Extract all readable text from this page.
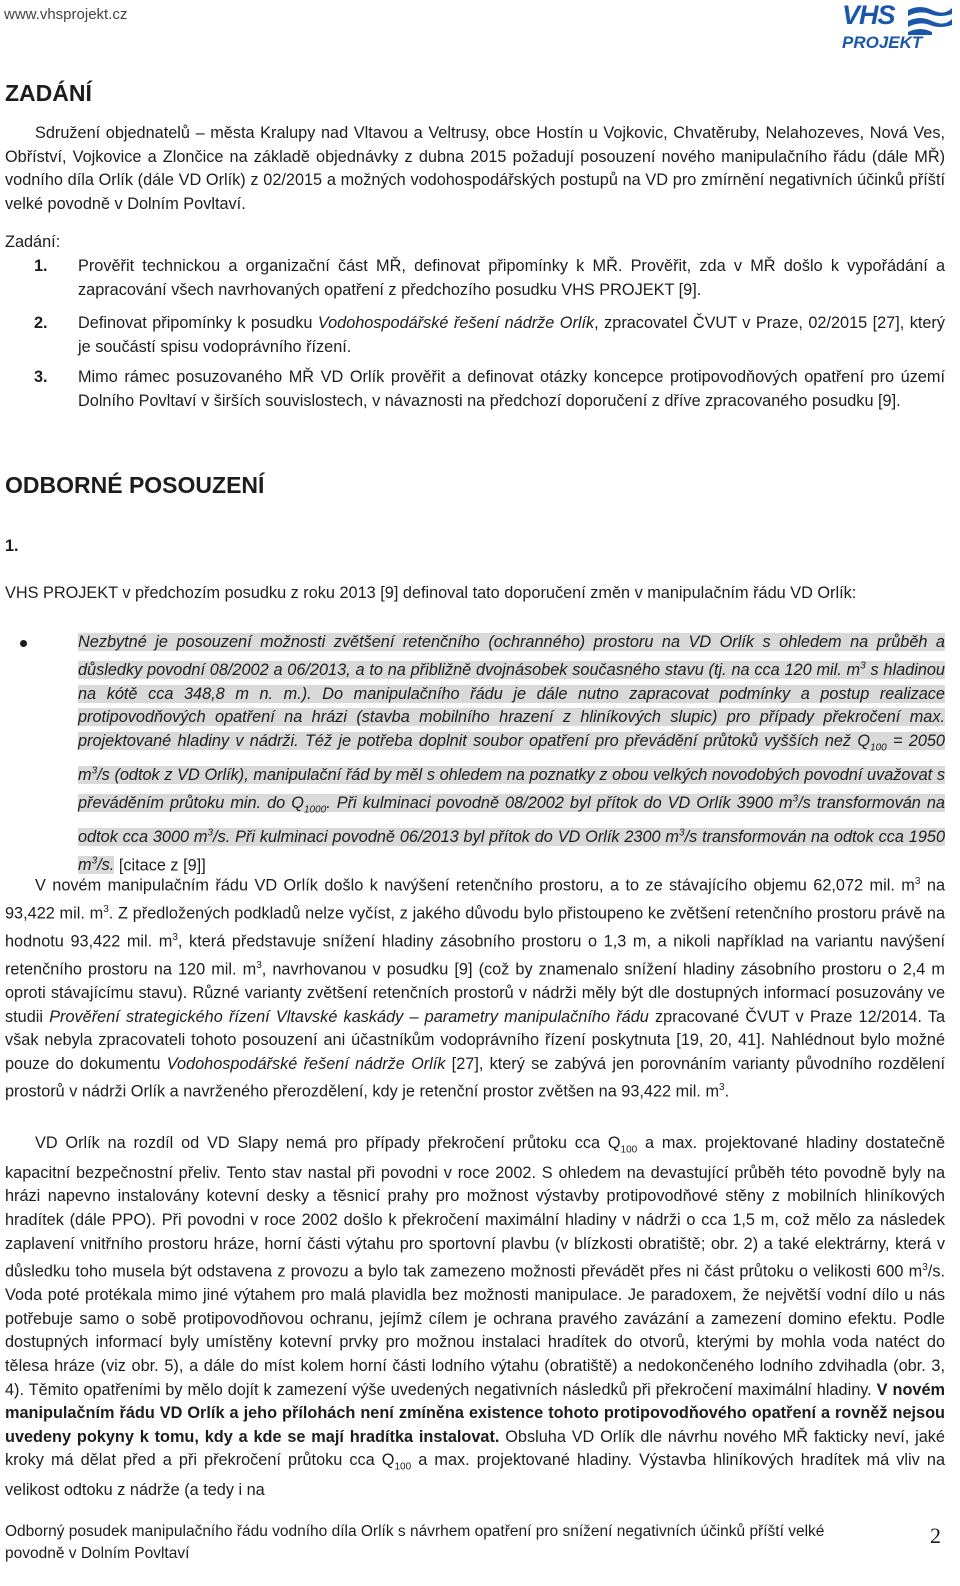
www.vhsprojekt.cz	VHS
PROJEKT
ZADÁNÍ

Sdružení objednatelů – města Kralupy nad Vltavou a Veltrusy, obce Hostín u Vojkovic, Chvatěruby, Nelahozeves, Nová Ves, Obříství, Vojkovice a Zlončice na základě objednávky z dubna 2015 požadují posouzení nového manipulačního řádu (dále MŘ) vodního díla Orlík (dále VD Orlík) z 02/2015 a možných vodohospodářských postupů na VD pro zmírnění negativních účinků příští velké povodně v Dolním Povltaví.

Zadání:
1. Prověřit technickou a organizační část MŘ, definovat připomínky k MŘ. Prověřit, zda v MŘ došlo k vypořádání a zapracování všech navrhovaných opatření z předchozího posudku VHS PROJEKT [9].
2. Definovat připomínky k posudku Vodohospodářské řešení nádrže Orlík, zpracovatel ČVUT v Praze, 02/2015 [27], který je součástí spisu vodoprávního řízení.
3. Mimo rámec posuzovaného MŘ VD Orlík prověřit a definovat otázky koncepce protipovodňových opatření pro území Dolního Povltaví v širších souvislostech, v návaznosti na předchozí doporučení z dříve zpracovaného posudku [9].
ODBORNÉ POSOUZENÍ
1.

VHS PROJEKT v předchozím posudku z roku 2013 [9] definoval tato doporučení změn v manipulačním řádu VD Orlík:

Nezbytné je posouzení možnosti zvětšení retenčního (ochranného) prostoru na VD Orlík s ohledem na průběh a důsledky povodní 08/2002 a 06/2013, a to na přibližně dvojnásobek současného stavu (tj. na cca 120 mil. $m^3$ s hladinou na kótě cca 348,8 m n. m.). Do manipulačního řádu je dále nutno zapracovat podmínky a postup realizace protipovodňových opatření na hrázi (stavba mobilního hrazení z hliníkových slupic) pro případy překročení max. projektované hladiny v nádrži. Též je potřeba doplnit soubor opatření pro převádění průtoků vyšších než $Q_{100} = 2050$ $m^3/s$ (odtok z VD Orlík), manipulační řád by měl s ohledem na poznatky z obou velkých novodobých povodní uvažovat s převáděním průtoku min. do $Q_{1000}$. Při kulminaci povodně 08/2002 byl přítok do VD Orlík 3900 $m^3/s$ transformován na odtok cca 3000 $m^3/s$. Při kulminaci povodně 06/2013 byl přítok do VD Orlík 2300 $m^3/s$ transformován na odtok cca 1950 $m^3/s$. [citace z [9]]

V novém manipulačním řádu VD Orlík došlo k navýšení retenčního prostoru, a to ze stávajícího objemu 62,072 mil. $m^3$ na 93,422 mil. $m^3$. Z předložených podkladů nelze vyčíst, z jakého důvodu bylo přistoupeno ke zvětšení retenčního prostoru právě na hodnotu 93,422 mil. $m^3$, která představuje snížení hladiny zásobního prostoru o 1,3 m, a nikoli například na variantu navýšení retenčního prostoru na 120 mil. $m^3$, navrhovanou v posudku [9] (což by znamenalo snížení hladiny zásobního prostoru o 2,4 m oproti stávajícímu stavu). Různé varianty zvětšení retenčních prostorů v nádrži měly být dle dostupných informací posuzovány ve studii Prověření strategického řízení Vltavské kaskády – parametry manipulačního řádu zpracované ČVUT v Praze 12/2014. Ta však nebyla zpracovateli tohoto posouzení ani účastníkům vodoprávního řízení poskytnuta [19, 20, 41]. Nahlédnout bylo možné pouze do dokumentu Vodohospodářské řešení nádrže Orlík [27], který se zabývá jen porovnáním varianty původního rozdělení prostorů v nádrži Orlík a navrženého přerozdělení, kdy je retenční prostor zvětšen na 93,422 mil. $m^3$.

VD Orlík na rozdíl od VD Slapy nemá pro případy překročení průtoku cca $Q_{100}$ a max. projektované hladiny dostatečně kapacitní bezpečnostní přeliv. Tento stav nastal při povodni v roce 2002. S ohledem na devastující průběh této povodně byly na hrázi napevno instalovány kotevní desky a těsnicí prahy pro možnost výstavby protipovodňové stěny z mobilních hliníkových hradítek (dále PPO). Při povodni v roce 2002 došlo k překročení maximální hladiny v nádrži o cca 1,5 m, což mělo za následek zaplavení vnitřního prostoru hráze, horní části výtahu pro sportovní plavbu (v blízkosti obratiště; obr. 2) a také elektrárny, která v důsledku toho musela být odstavena z provozu a bylo tak zamezeno možnosti převádět přes ni část průtoku o velikosti 600 $m^3/s$. Voda poté protékala mimo jiné výtahem pro malá plavidla bez možnosti manipulace. Je paradoxem, že největší vodní dílo u nás potřebuje samo o sobě protipovodňovou ochranu, jejímž cílem je ochrana pravého zavázání a zamezení domino efektu. Podle dostupných informací byly umístěny kotevní prvky pro možnou instalaci hradítek do otvorů, kterými by mohla voda natéct do tělesa hráze (viz obr. 5), a dále do míst kolem horní části lodního výtahu (obratiště) a nedokončeného lodního zdvihadla (obr. 3, 4). Těmito opatřeními by mělo dojít k zamezení výše uvedených negativních následků při překročení maximální hladiny. V novém manipulačním řádu VD Orlík a jeho přílohách není zmíněna existence tohoto protipovodňového opatření a rovněž nejsou uvedeny pokyny k tomu, kdy a kde se mají hradítka instalovat. Obsluha VD Orlík dle návrhu nového MŘ fakticky neví, jaké kroky má dělat před a při překročení průtoku cca $Q_{100}$ a max. projektované hladiny. Výstavba hliníkových hradítek má vliv na velikost odtoku z nádrže (a tedy i na

Odborný posudek manipulačního řádu vodního díla Orlík s návrhem opatření pro snížení negativních účinků příští velké povodně v Dolním Povltaví
2
